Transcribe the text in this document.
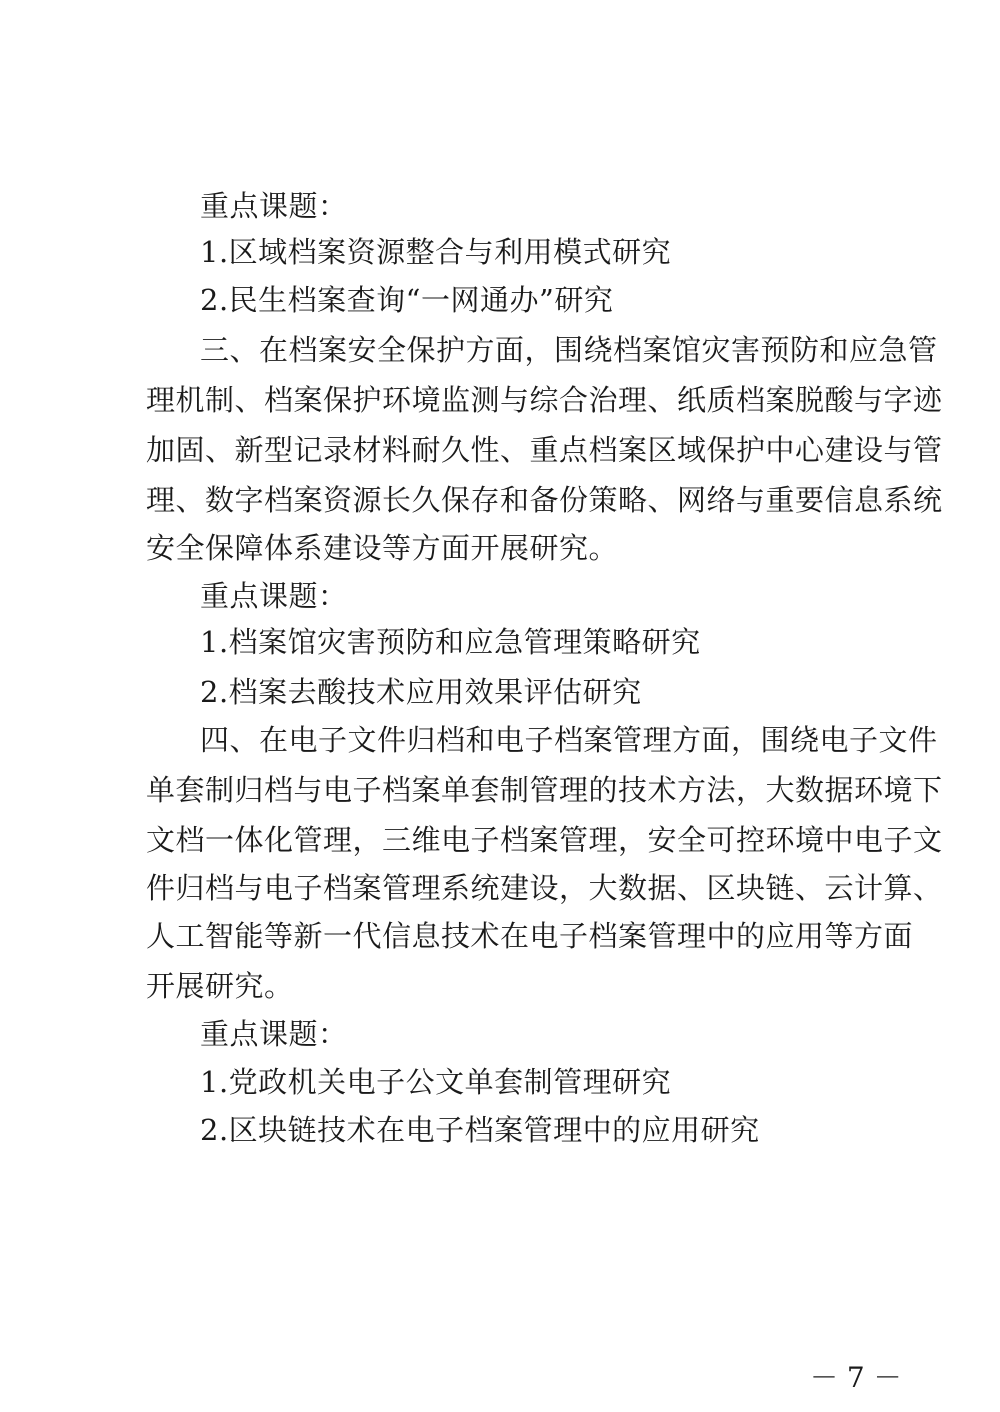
重点课题：
1.区域档案资源整合与利用模式研究
2.民生档案查询“一网通办”研究
三、在档案安全保护方面，围绕档案馆灾害预防和应急管
理机制、档案保护环境监测与综合治理、纸质档案脱酸与字迹
加固、新型记录材料耐久性、重点档案区域保护中心建设与管
理、数字档案资源长久保存和备份策略、网络与重要信息系统
安全保障体系建设等方面开展研究。
重点课题：
1.档案馆灾害预防和应急管理策略研究
2.档案去酸技术应用效果评估研究
四、在电子文件归档和电子档案管理方面，围绕电子文件
单套制归档与电子档案单套制管理的技术方法，大数据环境下
文档一体化管理，三维电子档案管理，安全可控环境中电子文
件归档与电子档案管理系统建设，大数据、区块链、云计算、
人工智能等新一代信息技术在电子档案管理中的应用等方面
开展研究。
重点课题：
1.党政机关电子公文单套制管理研究
2.区块链技术在电子档案管理中的应用研究
－ 7 －
